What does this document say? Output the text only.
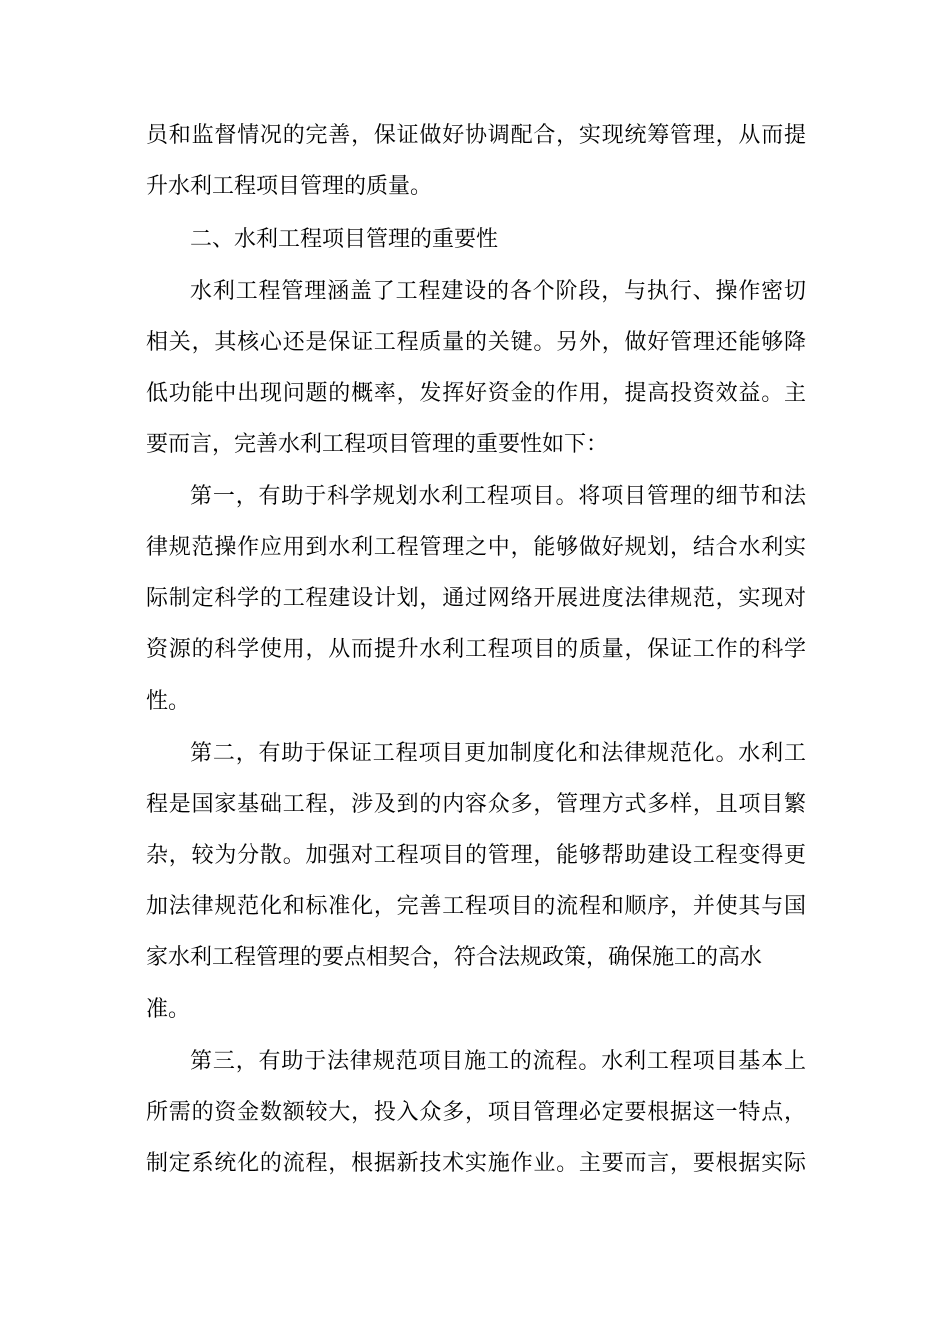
员和监督情况的完善，保证做好协调配合，实现统筹管理，从而提
升水利工程项目管理的质量。
二、水利工程项目管理的重要性
水利工程管理涵盖了工程建设的各个阶段，与执行、操作密切
相关，其核心还是保证工程质量的关键。另外，做好管理还能够降
低功能中出现问题的概率，发挥好资金的作用，提高投资效益。主
要而言，完善水利工程项目管理的重要性如下：
第一，有助于科学规划水利工程项目。将项目管理的细节和法
律规范操作应用到水利工程管理之中，能够做好规划，结合水利实
际制定科学的工程建设计划，通过网络开展进度法律规范，实现对
资源的科学使用，从而提升水利工程项目的质量，保证工作的科学
性。
第二，有助于保证工程项目更加制度化和法律规范化。水利工
程是国家基础工程，涉及到的内容众多，管理方式多样，且项目繁
杂，较为分散。加强对工程项目的管理，能够帮助建设工程变得更
加法律规范化和标准化，完善工程项目的流程和顺序，并使其与国
家水利工程管理的要点相契合，符合法规政策，确保施工的高水
准。
第三，有助于法律规范项目施工的流程。水利工程项目基本上
所需的资金数额较大，投入众多，项目管理必定要根据这一特点，
制定系统化的流程，根据新技术实施作业。主要而言，要根据实际
